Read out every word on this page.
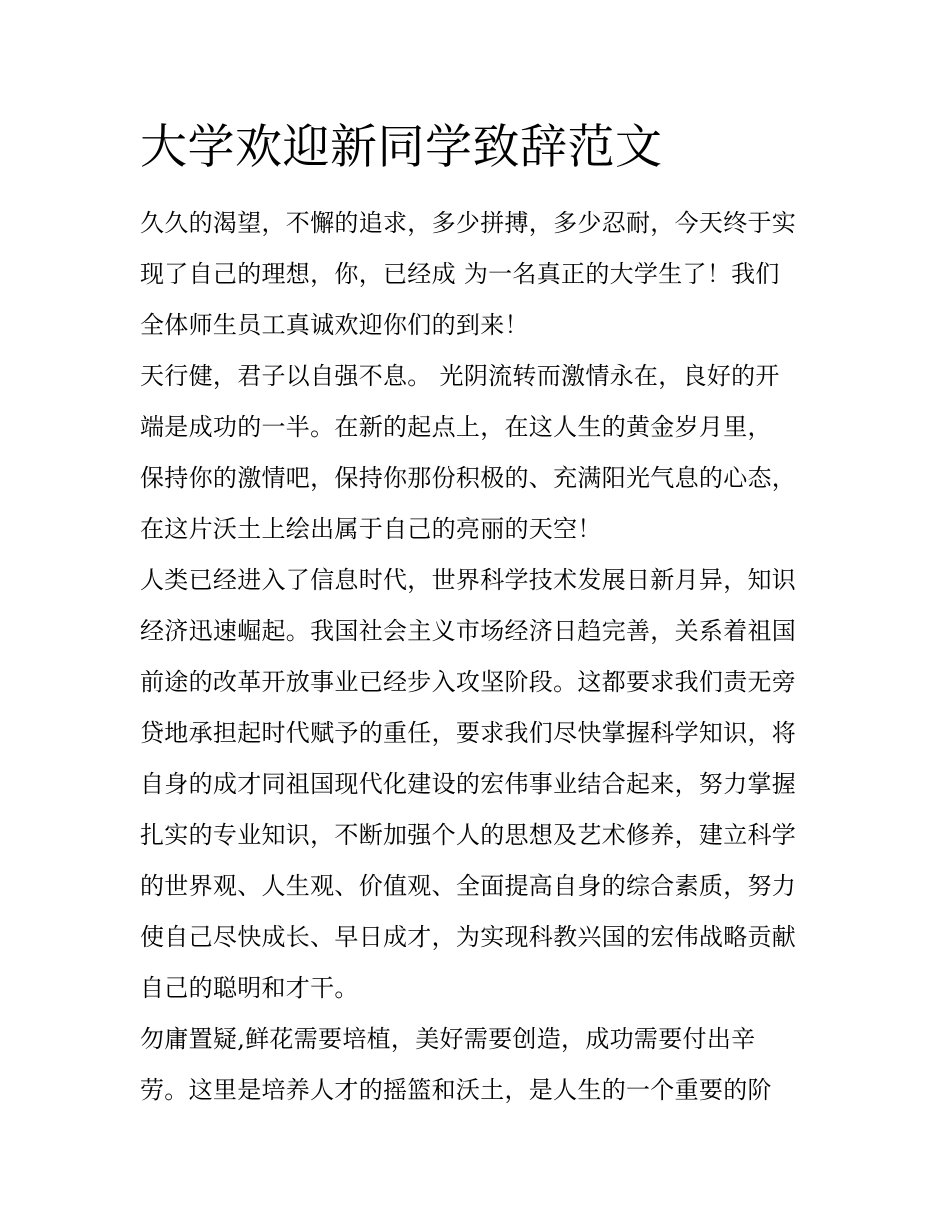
大学欢迎新同学致辞范文
久久的渴望，不懈的追求，多少拼搏，多少忍耐，今天终于实
现了自己的理想，你，已经成 为一名真正的大学生了！我们
全体师生员工真诚欢迎你们的到来！
天行健，君子以自强不息。 光阴流转而激情永在，良好的开
端是成功的一半。在新的起点上，在这人生的黄金岁月里，
保持你的激情吧，保持你那份积极的、充满阳光气息的心态，
在这片沃土上绘出属于自己的亮丽的天空！
人类已经进入了信息时代，世界科学技术发展日新月异，知识
经济迅速崛起。我国社会主义市场经济日趋完善，关系着祖国
前途的改革开放事业已经步入攻坚阶段。这都要求我们责无旁
贷地承担起时代赋予的重任，要求我们尽快掌握科学知识，将
自身的成才同祖国现代化建设的宏伟事业结合起来，努力掌握
扎实的专业知识，不断加强个人的思想及艺术修养，建立科学
的世界观、人生观、价值观、全面提高自身的综合素质，努力
使自己尽快成长、早日成才，为实现科教兴国的宏伟战略贡献
自己的聪明和才干。
勿庸置疑,鲜花需要培植，美好需要创造，成功需要付出辛
劳。这里是培养人才的摇篮和沃土，是人生的一个重要的阶
